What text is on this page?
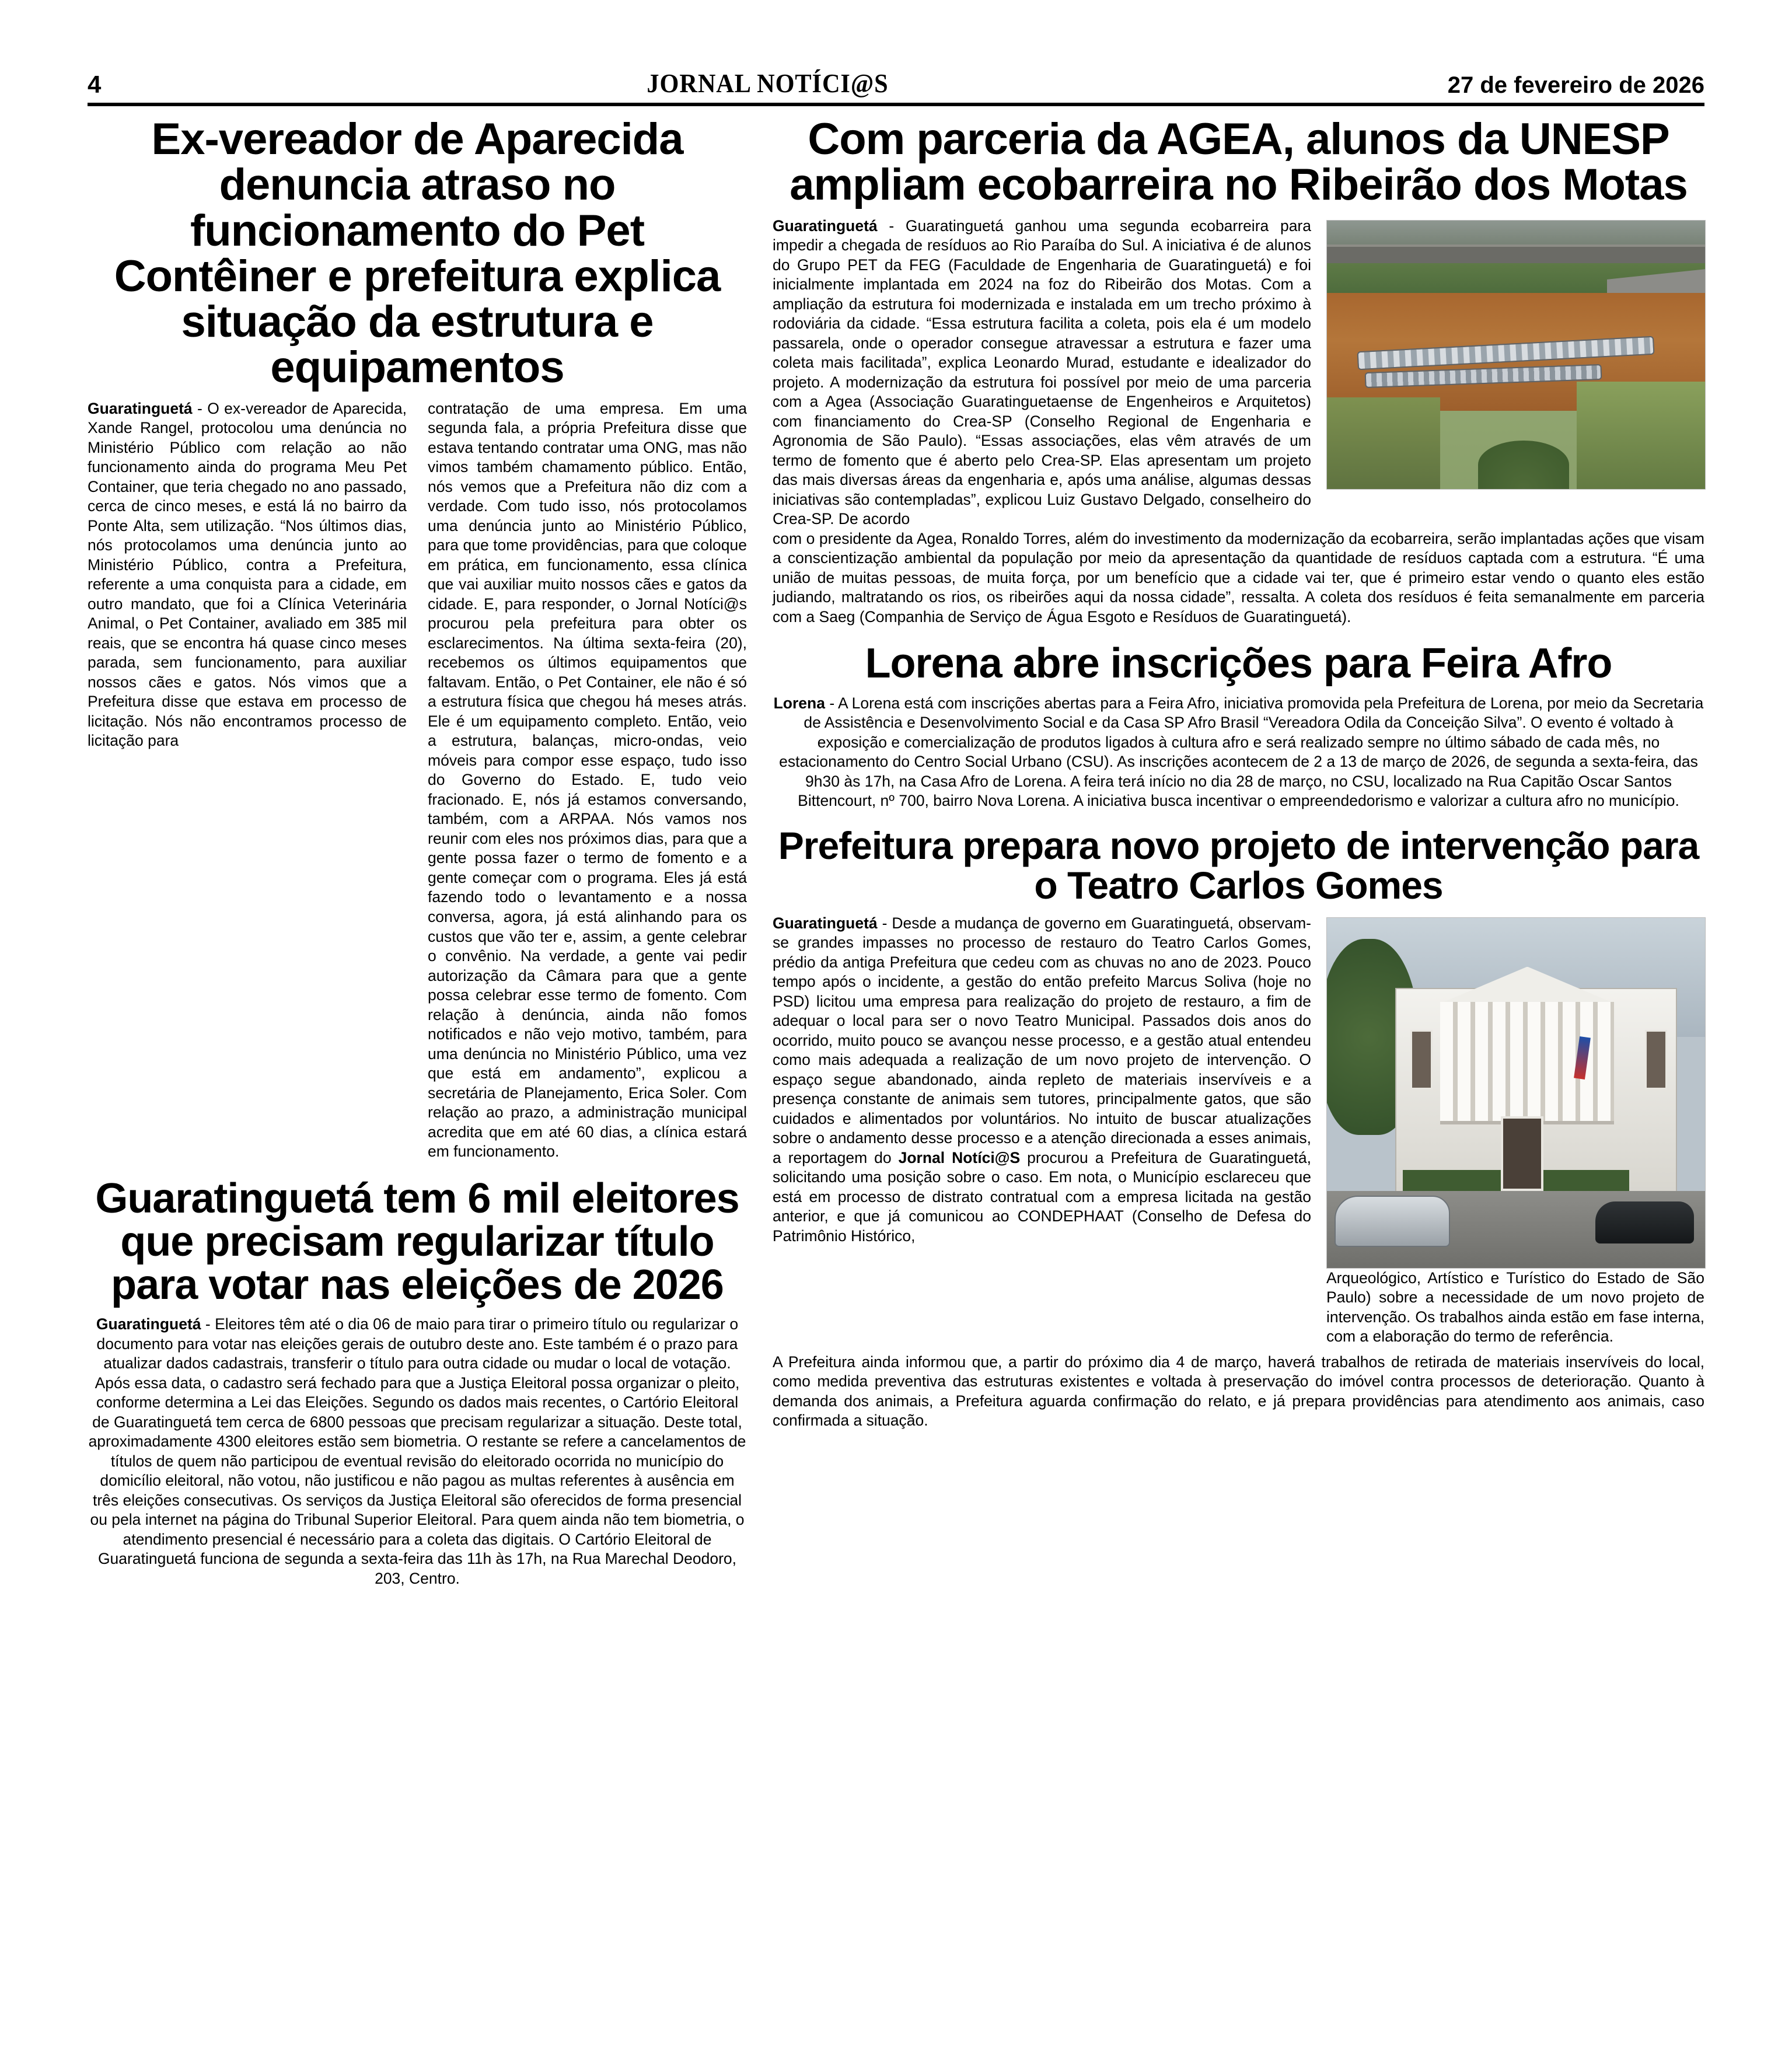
4	JORNAL NOTÍCI@S	27 de fevereiro de 2026
Ex-vereador de Aparecida denuncia atraso no funcionamento do Pet Contêiner e prefeitura explica situação da estrutura e equipamentos

Guaratinguetá - O ex-vereador de Aparecida, Xande Rangel, protocolou uma denúncia no Ministério Público com relação ao não funcionamento ainda do programa Meu Pet Container, que teria chegado no ano passado, cerca de cinco meses, e está lá no bairro da Ponte Alta, sem utilização. “Nos últimos dias, nós protocolamos uma denúncia junto ao Ministério Público, contra a Prefeitura, referente a uma conquista para a cidade, em outro mandato, que foi a Clínica Veterinária Animal, o Pet Container, avaliado em 385 mil reais, que se encontra há quase cinco meses parada, sem funcionamento, para auxiliar nossos cães e gatos. Nós vimos que a Prefeitura disse que estava em processo de licitação. Nós não encontramos processo de licitação para

contratação de uma empresa. Em uma segunda fala, a própria Prefeitura disse que estava tentando contratar uma ONG, mas não vimos também chamamento público. Então, nós vemos que a Prefeitura não diz com a verdade. Com tudo isso, nós protocolamos uma denúncia junto ao Ministério Público, para que tome providências, para que coloque em prática, em funcionamento, essa clínica que vai auxiliar muito nossos cães e gatos da cidade. E, para responder, o Jornal Notíci@s procurou pela prefeitura para obter os esclarecimentos. Na última sexta-feira (20), recebemos os últimos equipamentos que faltavam. Então, o Pet Container, ele não é só a estrutura física que chegou há meses atrás. Ele é um equipamento completo. Então, veio a estrutura, balanças, micro-ondas, veio móveis para compor esse espaço, tudo isso do Governo do Estado. E, tudo veio fracionado. E, nós já estamos conversando, também, com a ARPAA. Nós vamos nos reunir com eles nos próximos dias, para que a gente possa fazer o termo de fomento e a gente começar com o programa. Eles já está fazendo todo o levantamento e a nossa conversa, agora, já está alinhando para os custos que vão ter e, assim, a gente celebrar o convênio. Na verdade, a gente vai pedir autorização da Câmara para que a gente possa celebrar esse termo de fomento. Com relação à denúncia, ainda não fomos notificados e não vejo motivo, também, para uma denúncia no Ministério Público, uma vez que está em andamento”, explicou a secretária de Planejamento, Erica Soler. Com relação ao prazo, a administração municipal acredita que em até 60 dias, a clínica estará em funcionamento.

Guaratinguetá tem 6 mil eleitores que precisam regularizar título para votar nas eleições de 2026

Guaratinguetá - Eleitores têm até o dia 06 de maio para tirar o primeiro título ou regularizar o documento para votar nas eleições gerais de outubro deste ano. Este também é o prazo para atualizar dados cadastrais, transferir o título para outra cidade ou mudar o local de votação. Após essa data, o cadastro será fechado para que a Justiça Eleitoral possa organizar o pleito, conforme determina a Lei das Eleições. Segundo os dados mais recentes, o Cartório Eleitoral de Guaratinguetá tem cerca de 6800 pessoas que precisam regularizar a situação. Deste total, aproximadamente 4300 eleitores estão sem biometria. O restante se refere a cancelamentos de títulos de quem não participou de eventual revisão do eleitorado ocorrida no município do domicílio eleitoral, não votou, não justificou e não pagou as multas referentes à ausência em três eleições consecutivas. Os serviços da Justiça Eleitoral são oferecidos de forma presencial ou pela internet na página do Tribunal Superior Eleitoral. Para quem ainda não tem biometria, o atendimento presencial é necessário para a coleta das digitais. O Cartório Eleitoral de Guaratinguetá funciona de segunda a sexta-feira das 11h às 17h, na Rua Marechal Deodoro, 203, Centro.

Com parceria da AGEA, alunos da UNESP ampliam ecobarreira no Ribeirão dos Motas

Guaratinguetá - Guaratinguetá ganhou uma segunda ecobarreira para impedir a chegada de resíduos ao Rio Paraíba do Sul. A iniciativa é de alunos do Grupo PET da FEG (Faculdade de Engenharia de Guaratinguetá) e foi inicialmente implantada em 2024 na foz do Ribeirão dos Motas. Com a ampliação da estrutura foi modernizada e instalada em um trecho próximo à rodoviária da cidade. “Essa estrutura facilita a coleta, pois ela é um modelo passarela, onde o operador consegue atravessar a estrutura e fazer uma coleta mais facilitada”, explica Leonardo Murad, estudante e idealizador do projeto. A modernização da estrutura foi possível por meio de uma parceria com a Agea (Associação Guaratinguetaense de Engenheiros e Arquitetos) com financiamento do Crea-SP (Conselho Regional de Engenharia e Agronomia de São Paulo). “Essas associações, elas vêm através de um termo de fomento que é aberto pelo Crea-SP. Elas apresentam um projeto das mais diversas áreas da engenharia e, após uma análise, algumas dessas iniciativas são contempladas”, explicou Luiz Gustavo Delgado, conselheiro do Crea-SP. De acordo

com o presidente da Agea, Ronaldo Torres, além do investimento da modernização da ecobarreira, serão implantadas ações que visam a conscientização ambiental da população por meio da apresentação da quantidade de resíduos captada com a estrutura. “É uma união de muitas pessoas, de muita força, por um benefício que a cidade vai ter, que é primeiro estar vendo o quanto eles estão judiando, maltratando os rios, os ribeirões aqui da nossa cidade”, ressalta. A coleta dos resíduos é feita semanalmente em parceria com a Saeg (Companhia de Serviço de Água Esgoto e Resíduos de Guaratinguetá).

Lorena abre inscrições para Feira Afro

Lorena - A Lorena está com inscrições abertas para a Feira Afro, iniciativa promovida pela Prefeitura de Lorena, por meio da Secretaria de Assistência e Desenvolvimento Social e da Casa SP Afro Brasil “Vereadora Odila da Conceição Silva”. O evento é voltado à exposição e comercialização de produtos ligados à cultura afro e será realizado sempre no último sábado de cada mês, no estacionamento do Centro Social Urbano (CSU). As inscrições acontecem de 2 a 13 de março de 2026, de segunda a sexta-feira, das 9h30 às 17h, na Casa Afro de Lorena. A feira terá início no dia 28 de março, no CSU, localizado na Rua Capitão Oscar Santos Bittencourt, nº 700, bairro Nova Lorena. A iniciativa busca incentivar o empreendedorismo e valorizar a cultura afro no município.

Prefeitura prepara novo projeto de intervenção para o Teatro Carlos Gomes
Arqueológico, Artístico e Turístico do Estado de São Paulo) sobre a necessidade de um novo projeto de intervenção. Os trabalhos ainda estão em fase interna, com a elaboração do termo de referência.

Guaratinguetá - Desde a mudança de governo em Guaratinguetá, observam-se grandes impasses no processo de restauro do Teatro Carlos Gomes, prédio da antiga Prefeitura que cedeu com as chuvas no ano de 2023. Pouco tempo após o incidente, a gestão do então prefeito Marcus Soliva (hoje no PSD) licitou uma empresa para realização do projeto de restauro, a fim de adequar o local para ser o novo Teatro Municipal. Passados dois anos do ocorrido, muito pouco se avançou nesse processo, e a gestão atual entendeu como mais adequada a realização de um novo projeto de intervenção. O espaço segue abandonado, ainda repleto de materiais inservíveis e a presença constante de animais sem tutores, principalmente gatos, que são cuidados e alimentados por voluntários. No intuito de buscar atualizações sobre o andamento desse processo e a atenção direcionada a esses animais, a reportagem do Jornal Notíci@S procurou a Prefeitura de Guaratinguetá, solicitando uma posição sobre o caso. Em nota, o Município esclareceu que está em processo de distrato contratual com a empresa licitada na gestão anterior, e que já comunicou ao CONDEPHAAT (Conselho de Defesa do Patrimônio Histórico,

A Prefeitura ainda informou que, a partir do próximo dia 4 de março, haverá trabalhos de retirada de materiais inservíveis do local, como medida preventiva das estruturas existentes e voltada à preservação do imóvel contra processos de deterioração. Quanto à demanda dos animais, a Prefeitura aguarda confirmação do relato, e já prepara providências para atendimento aos animais, caso confirmada a situação.
